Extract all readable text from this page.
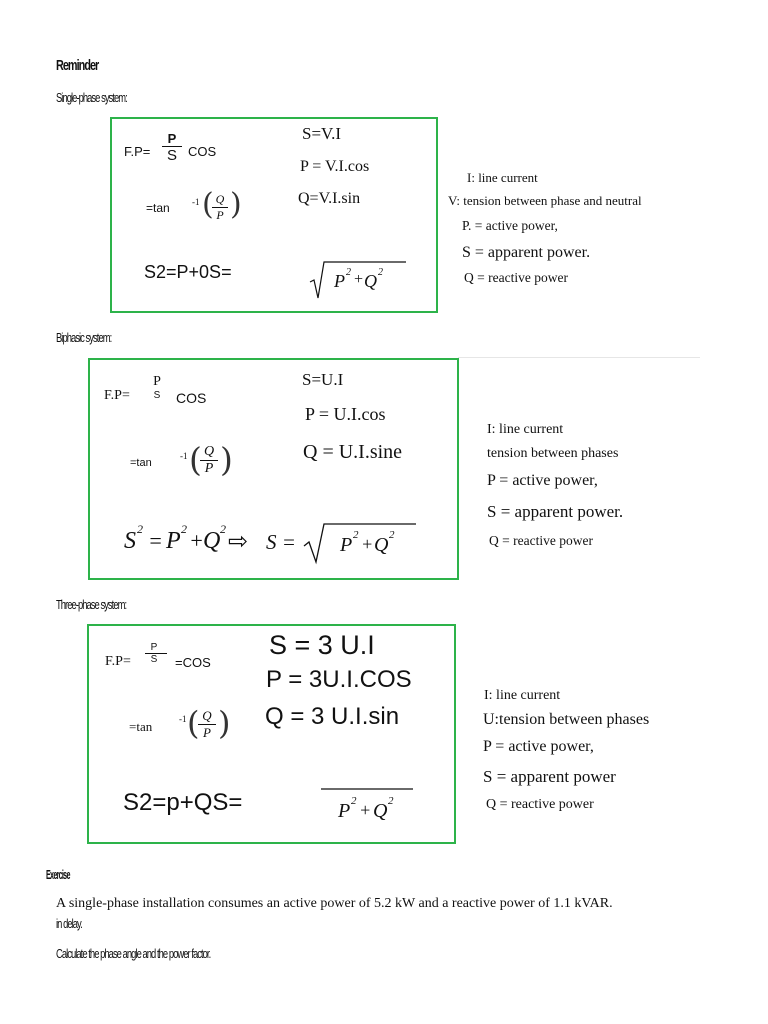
Reminder
Single-phase system:
F.P=
P
S COS
=tan -1 ( Q
P )
S=V.I
P = V.I.cos
Q=V.I.sin
S2=P+0S=	P 2 + Q 2
I: line current
V: tension between phase and neutral
P. = active power,
S = apparent power.
Q = reactive power
Biphasic system:
F.P=
P
S	COS
=tan
-1 ( Q
P )
S=U.I
P = U.I.cos
Q = U.I.sine
S 2 = P 2 + Q 2 ⇨ S = P 2 + Q 2
I: line current
tension between phases
P = active power,
S = apparent power.
Q = reactive power
Three-phase system:
F.P=
P
S	=COS
=tan	-1 ( Q
P )
S = 3 U.I
P = 3U.I.COS
Q = 3 U.I.sin
S2=p+QS=	P 2 + Q 2
I: line current
U:tension between phases
P = active power,
S = apparent power
Q = reactive power
Exercise
A single-phase installation consumes an active power of 5.2 kW and a reactive power of 1.1 kVAR.
in delay.
Calculate the phase angle and the power factor.
